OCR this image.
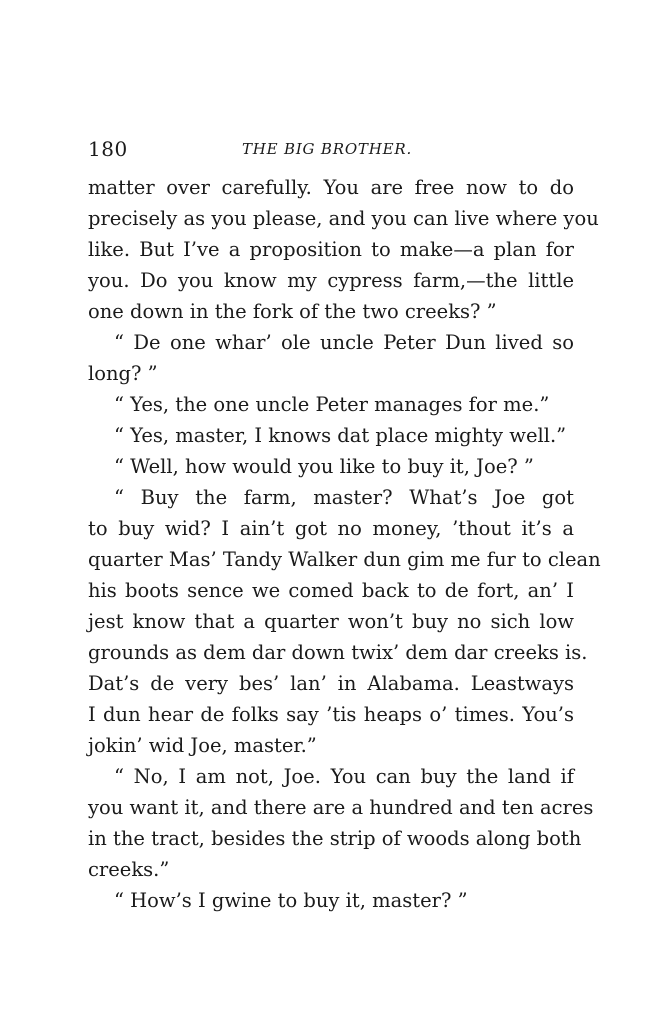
180	THE BIG BROTHER.
matter over carefully. You are free now to do
precisely as you please, and you can live where you
like. But I’ve a proposition to make—a plan for
you. Do you know my cypress farm,—the little
one down in the fork of the two creeks? ”
“ De one whar’ ole uncle Peter Dun lived so
long? ”
“ Yes, the one uncle Peter manages for me.”
“ Yes, master, I knows dat place mighty well.”
“ Well, how would you like to buy it, Joe? ”
“ Buy the farm, master? What’s Joe got
to buy wid? I ain’t got no money, ’thout it’s a
quarter Mas’ Tandy Walker dun gim me fur to clean
his boots sence we comed back to de fort, an’ I
jest know that a quarter won’t buy no sich low
grounds as dem dar down twix’ dem dar creeks is.
Dat’s de very bes’ lan’ in Alabama. Leastways
I dun hear de folks say ’tis heaps o’ times. You’s
jokin’ wid Joe, master.”
“ No, I am not, Joe. You can buy the land if
you want it, and there are a hundred and ten acres
in the tract, besides the strip of woods along both
creeks.”
“ How’s I gwine to buy it, master? ”
